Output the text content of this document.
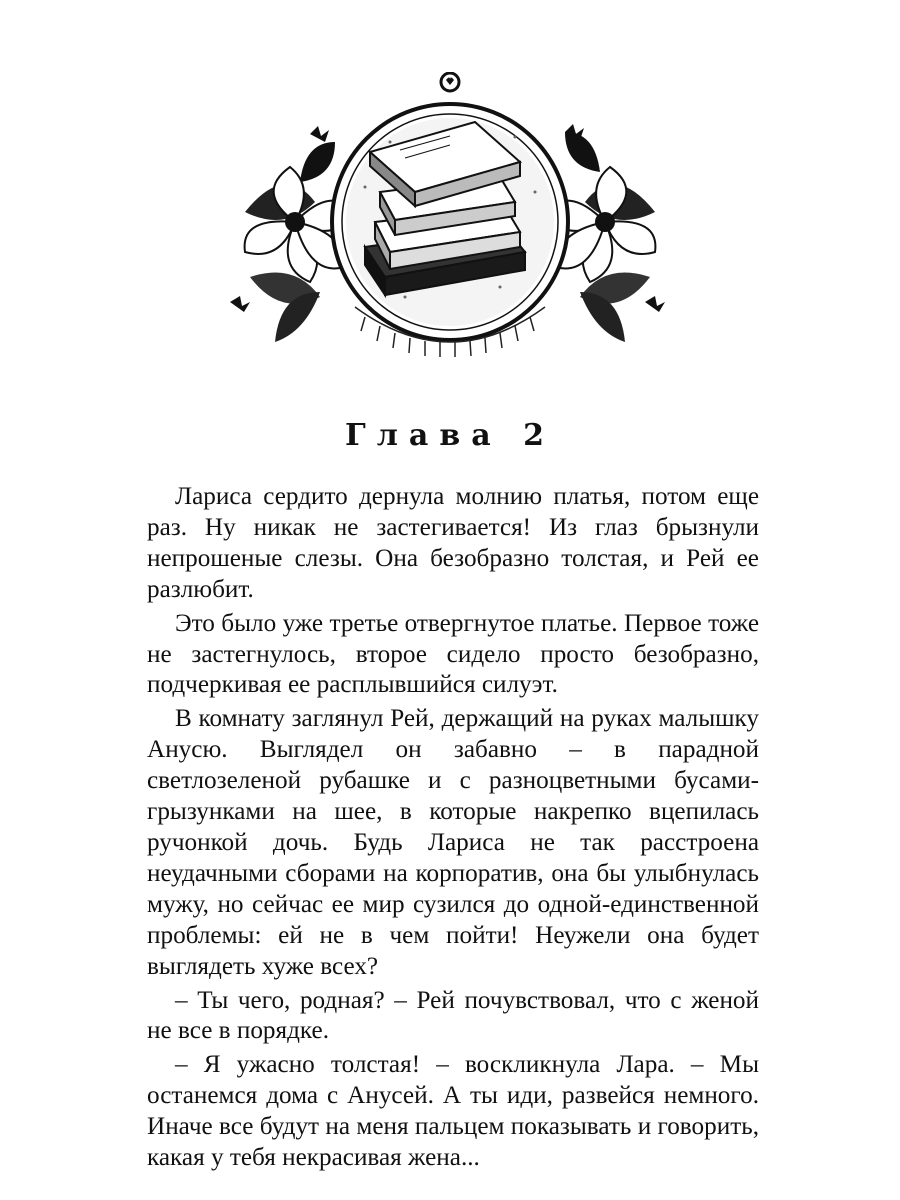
Глава 2

Лариса сердито дернула молнию платья, потом еще раз. Ну никак не застегивается! Из глаз брызнули непрошеные слезы. Она безобразно толстая, и Рей ее разлюбит.

Это было уже третье отвергнутое платье. Первое тоже не застегнулось, второе сидело просто безобразно, подчеркивая ее расплывшийся силуэт.

В комнату заглянул Рей, держащий на руках малышку Анусю. Выглядел он забавно – в парадной светлозеленой рубашке и с разноцветными бусами-грызунками на шее, в которые накрепко вцепилась ручонкой дочь. Будь Лариса не так расстроена неудачными сборами на корпоратив, она бы улыбнулась мужу, но сейчас ее мир сузился до одной-единственной проблемы: ей не в чем пойти! Неужели она будет выглядеть хуже всех?

– Ты чего, родная? – Рей почувствовал, что с женой не все в порядке.

– Я ужасно толстая! – воскликнула Лара. – Мы останемся дома с Анусей. А ты иди, развейся немного. Иначе все будут на меня пальцем показывать и говорить, какая у тебя некрасивая жена...
